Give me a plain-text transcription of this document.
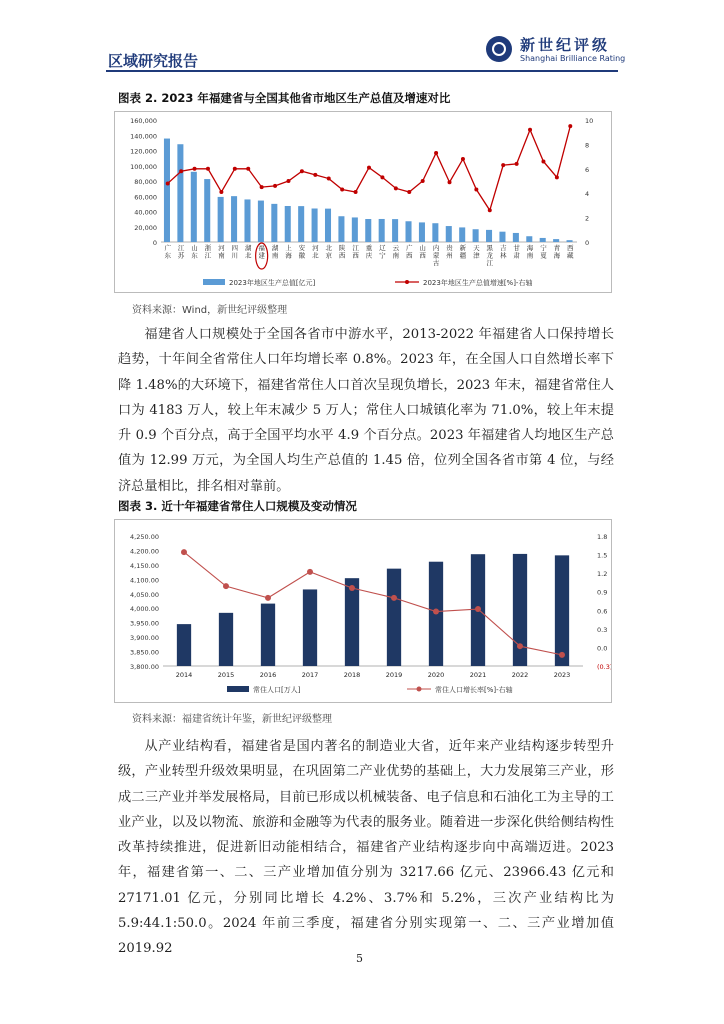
区域研究报告
新世纪评级
Shanghai Brilliance Rating
图表 2. 2023 年福建省与全国其他省市地区生产总值及增速对比
0
20,000
40,000
60,000
80,000
100,000
120,000
140,000
160,000
0
2
4
6
8
10
广东
江苏
山东
浙江
河南
四川
湖北
福建
湖南
上海
安徽
河北
北京
陕西
江西
重庆
辽宁
云南
广西
山西
内蒙古
贵州
新疆
天津
黑龙江
吉林
甘肃
海南
宁夏
青海
西藏
2023年地区生产总值[亿元]	2023年地区生产总值增速[%]-右轴
资料来源：Wind，新世纪评级整理

福建省人口规模处于全国各省市中游水平，2013-2022 年福建省人口保持增长趋势，十年间全省常住人口年均增长率 0.8%。2023 年，在全国人口自然增长率下降 1.48%的大环境下，福建省常住人口首次呈现负增长，2023 年末，福建省常住人口为 4183 万人，较上年末减少 5 万人；常住人口城镇化率为 71.0%，较上年末提升 0.9 个百分点，高于全国平均水平 4.9 个百分点。2023 年福建省人均地区生产总值为 12.99 万元，为全国人均生产总值的 1.45 倍，位列全国各省市第 4 位，与经济总量相比，排名相对靠前。

图表 3. 近十年福建省常住人口规模及变动情况
3,800.00
3,850.00
3,900.00
3,950.00
4,000.00
4,050.00
4,100.00
4,150.00
4,200.00
4,250.00
(0.3)
0.0
0.3
0.6
0.9
1.2
1.5
1.8
2014	2015	2016	2017	2018	2019	2020	2021	2022	2023
常住人口[万人]	常住人口增长率[%]-右轴
资料来源：福建省统计年鉴，新世纪评级整理

从产业结构看，福建省是国内著名的制造业大省，近年来产业结构逐步转型升级，产业转型升级效果明显，在巩固第二产业优势的基础上，大力发展第三产业，形成二三产业并举发展格局，目前已形成以机械装备、电子信息和石油化工为主导的工业产业，以及以物流、旅游和金融等为代表的服务业。随着进一步深化供给侧结构性改革持续推进，促进新旧动能相结合，福建省产业结构逐步向中高端迈进。2023 年，福建省第一、二、三产业增加值分别为 3217.66 亿元、23966.43 亿元和 27171.01 亿元，分别同比增长 4.2%、3.7%和 5.2%，三次产业结构比为 5.9:44.1:50.0。2024 年前三季度，福建省分别实现第一、二、三产业增加值 2019.92

5
